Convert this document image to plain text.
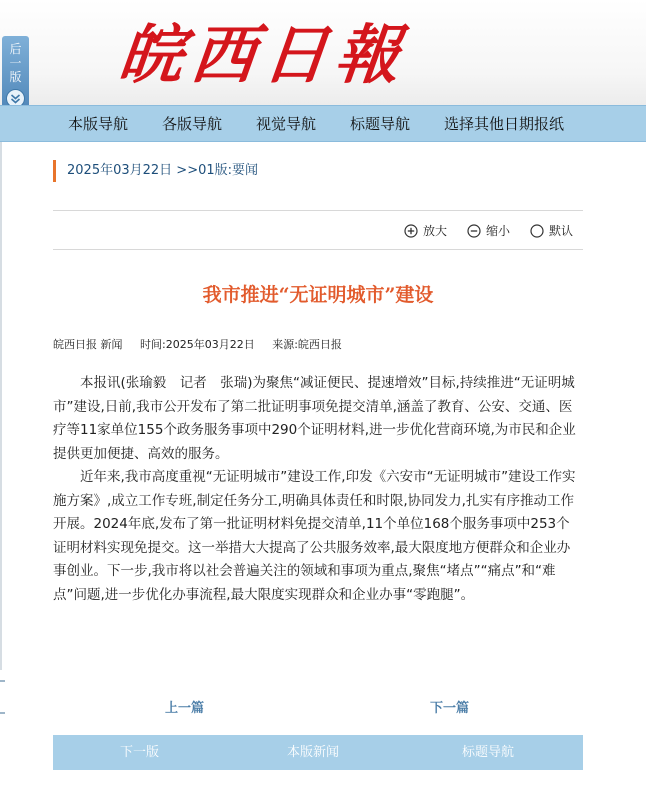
皖西日報
后
一
版
本版导航 各版导航 视觉导航 标题导航 选择其他日期报纸
2025年03月22日 >>01版:要闻
放大	缩小	默认
我市推进“无证明城市”建设
皖西日报 新闻 时间:2025年03月22日 来源:皖西日报

本报讯(张瑜毅　记者　张瑞)为聚焦“减证便民、提速增效”目标,持续推进“无证明城市”建设,日前,我市公开发布了第二批证明事项免提交清单,涵盖了教育、公安、交通、医疗等11家单位155个政务服务事项中290个证明材料,进一步优化营商环境,为市民和企业提供更加便捷、高效的服务。

近年来,我市高度重视“无证明城市”建设工作,印发《六安市“无证明城市”建设工作实施方案》,成立工作专班,制定任务分工,明确具体责任和时限,协同发力,扎实有序推动工作开展。2024年底,发布了第一批证明材料免提交清单,11个单位168个服务事项中253个证明材料实现免提交。这一举措大大提高了公共服务效率,最大限度地方便群众和企业办事创业。下一步,我市将以社会普遍关注的领域和事项为重点,聚焦“堵点”“痛点”和“难点”问题,进一步优化办事流程,最大限度实现群众和企业办事“零跑腿”。

上一篇	下一篇
下一版	本版新闻	标题导航
